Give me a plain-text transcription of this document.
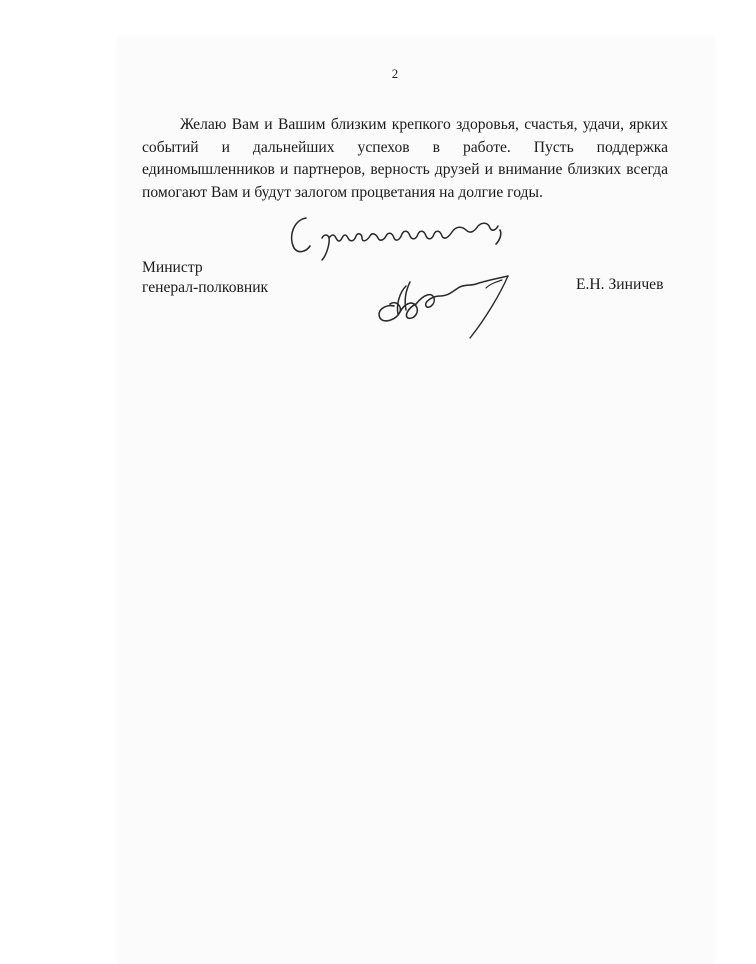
2

Желаю Вам и Вашим близким крепкого здоровья, счастья, удачи, ярких событий и дальнейших успехов в работе. Пусть поддержка единомышленников и партнеров, верность друзей и внимание близких всегда помогают Вам и будут залогом процветания на долгие годы.

Министр
генерал-полковник	Е.Н. Зиничев
